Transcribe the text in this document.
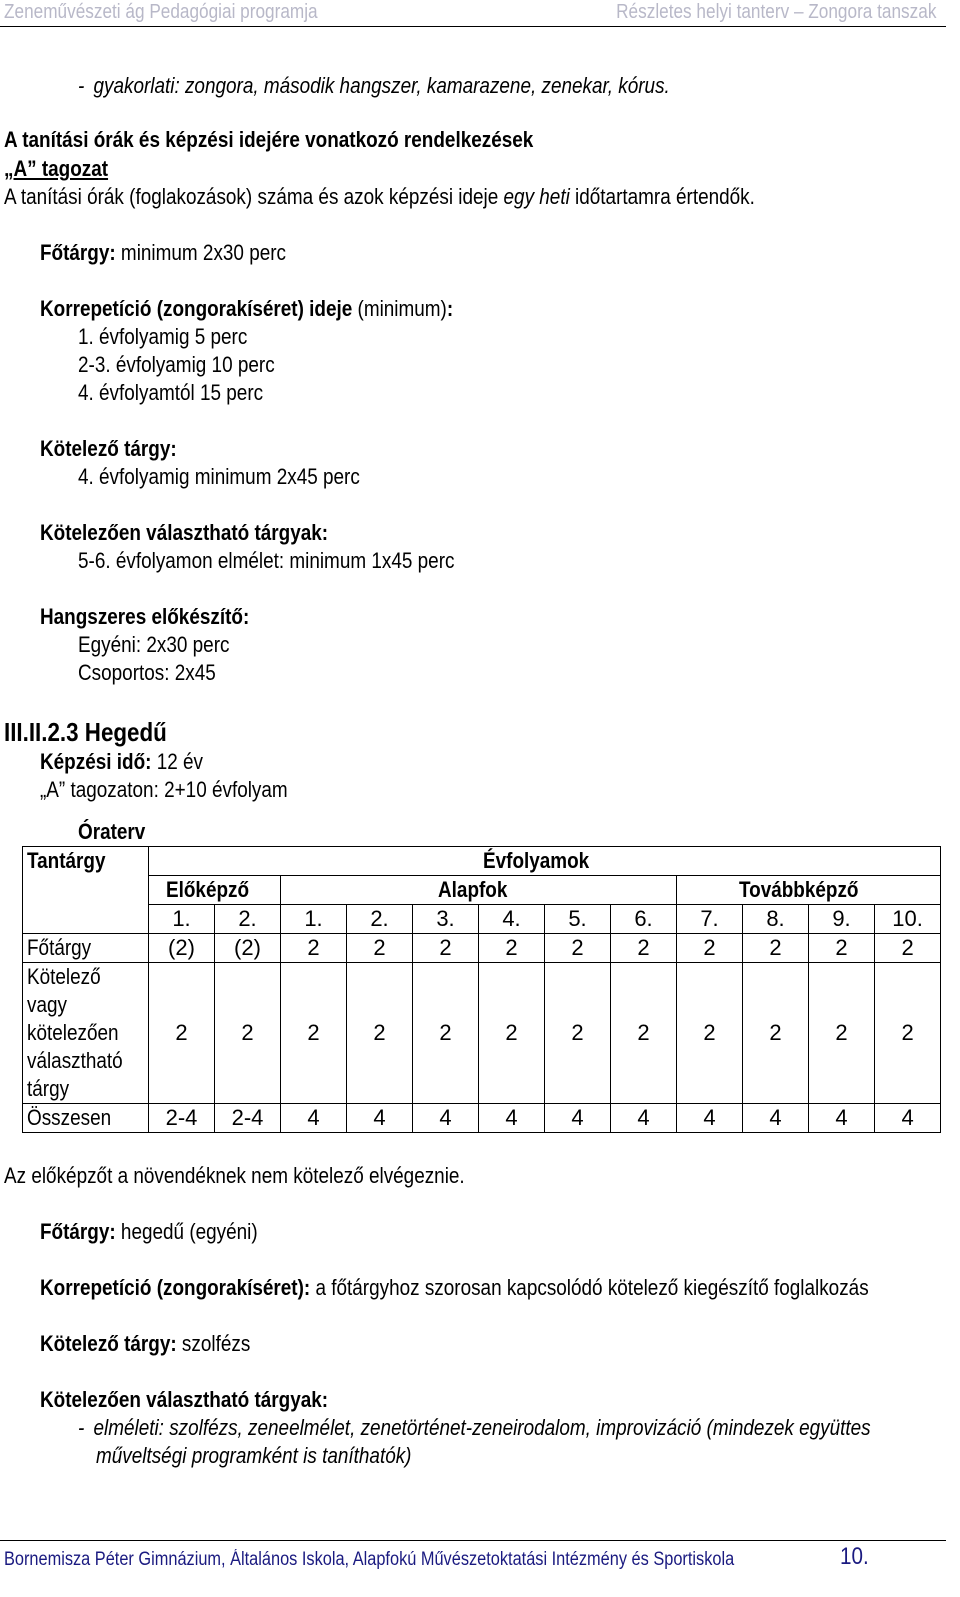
Zeneművészeti ág Pedagógiai programja	Részletes helyi tanterv – Zongora tanszak
- gyakorlati: zongora, második hangszer, kamarazene, zenekar, kórus.
A tanítási órák és képzési idejére vonatkozó rendelkezések
„A” tagozat
A tanítási órák (foglakozások) száma és azok képzési ideje egy heti időtartamra értendők.
Főtárgy: minimum 2x30 perc
Korrepetíció (zongorakíséret) ideje (minimum):
1. évfolyamig 5 perc
2-3. évfolyamig 10 perc
4. évfolyamtól 15 perc
Kötelező tárgy:
4. évfolyamig minimum 2x45 perc
Kötelezően választható tárgyak:
5-6. évfolyamon elmélet: minimum 1x45 perc
Hangszeres előkészítő:
Egyéni: 2x30 perc
Csoportos: 2x45
III.II.2.3 Hegedű
Képzési idő: 12 év
„A” tagozaton: 2+10 évfolyam
Óraterv
Tantárgy	Évfolyamok											
	Előképző		Alapfok						Továbbképző			
	1.	2.	1.	2.	3.	4.	5.	6.	7.	8.	9.	10.
Főtárgy	(2)	(2)	2	2	2	2	2	2	2	2	2	2
Kötelező
vagy
kötelezően
választható
tárgy	2	2	2	2	2	2	2	2	2	2	2	2
Összesen	2-4	2-4	4	4	4	4	4	4	4	4	4	4
Az előképzőt a növendéknek nem kötelező elvégeznie.
Főtárgy: hegedű (egyéni)
Korrepetíció (zongorakíséret): a főtárgyhoz szorosan kapcsolódó kötelező kiegészítő foglalkozás
Kötelező tárgy: szolfézs
Kötelezően választható tárgyak:
- elméleti: szolfézs, zeneelmélet, zenetörténet-zeneirodalom, improvizáció (mindezek együttes
műveltségi programként is taníthatók)
Bornemisza Péter Gimnázium, Általános Iskola, Alapfokú Művészetoktatási Intézmény és Sportiskola	10.
